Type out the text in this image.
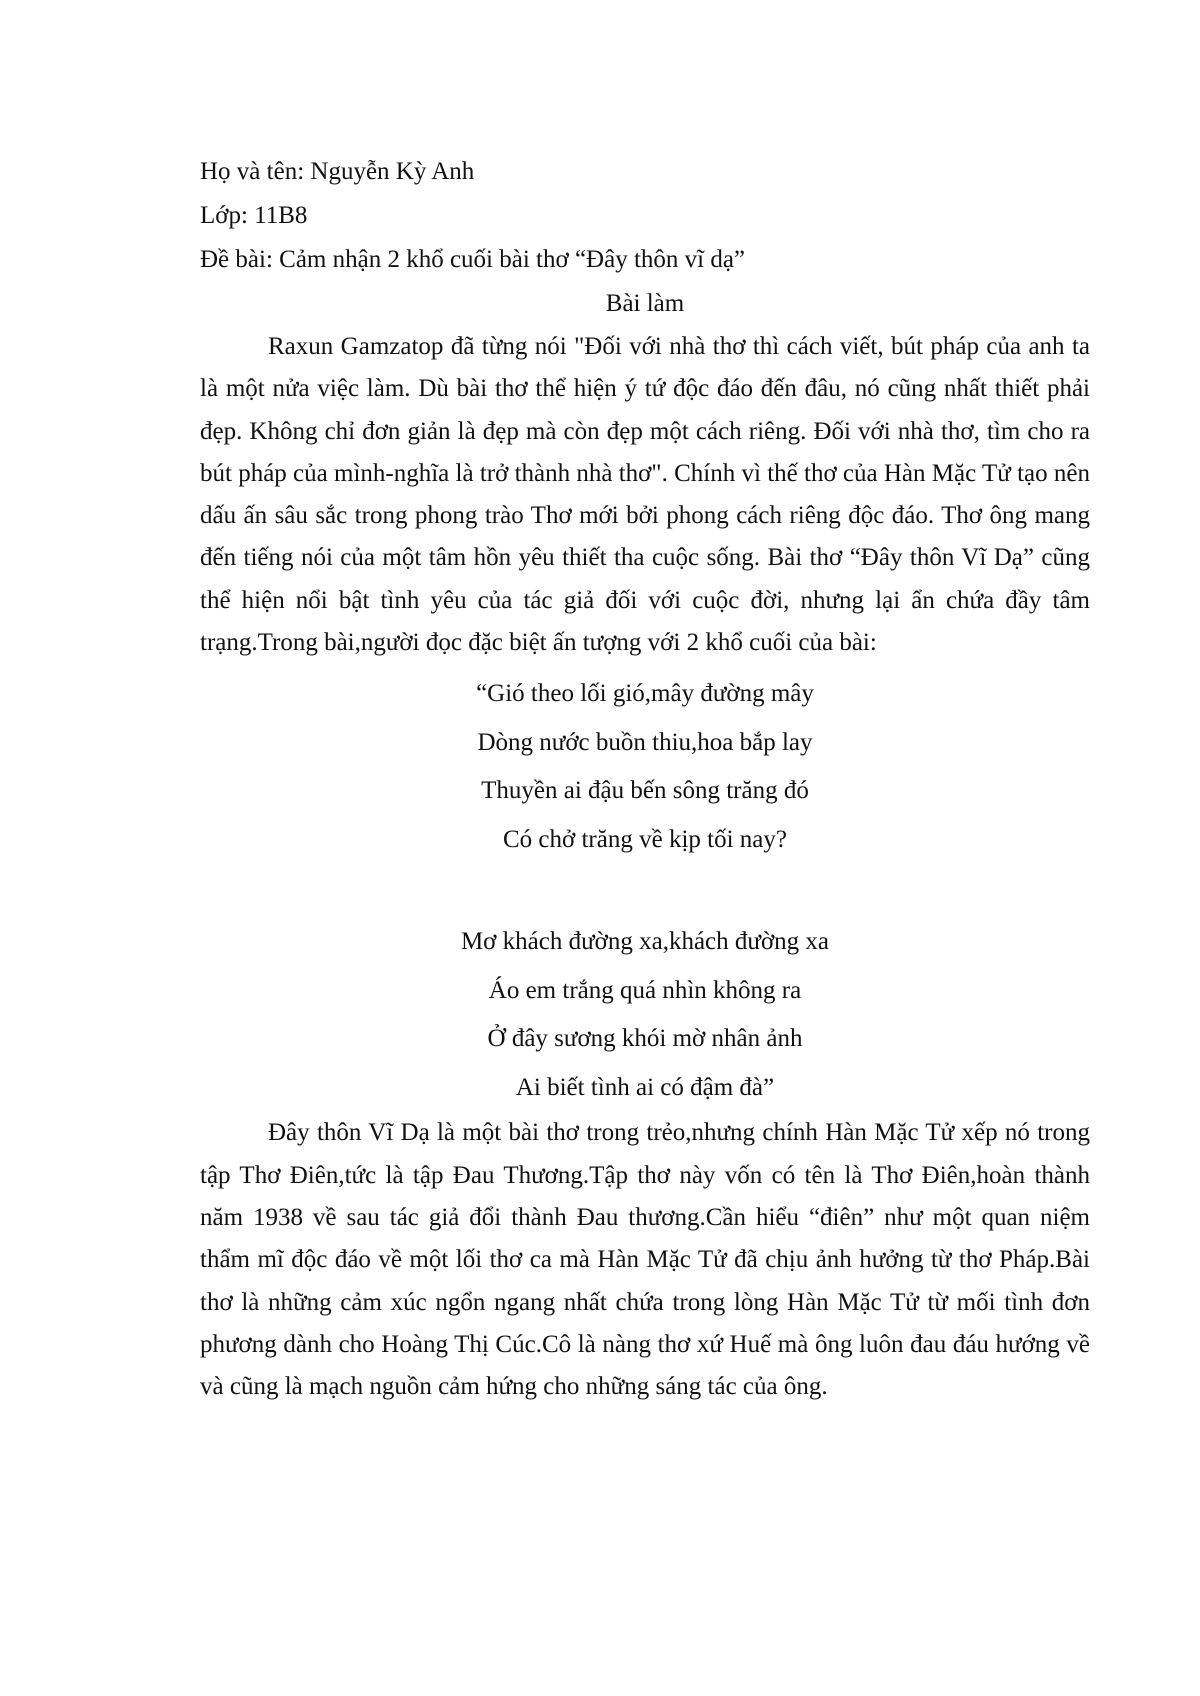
Họ và tên: Nguyễn Kỳ Anh

Lớp: 11B8

Đề bài: Cảm nhận 2 khổ cuối bài thơ “Đây thôn vĩ dạ”

Bài làm

Raxun Gamzatop đã từng nói "Đối với nhà thơ thì cách viết, bút pháp của anh ta là một nửa việc làm. Dù bài thơ thể hiện ý tứ độc đáo đến đâu, nó cũng nhất thiết phải đẹp. Không chỉ đơn giản là đẹp mà còn đẹp một cách riêng. Đối với nhà thơ, tìm cho ra bút pháp của mình-nghĩa là trở thành nhà thơ". Chính vì thế thơ của Hàn Mặc Tử tạo nên dấu ấn sâu sắc trong phong trào Thơ mới bởi phong cách riêng độc đáo. Thơ ông mang đến tiếng nói của một tâm hồn yêu thiết tha cuộc sống. Bài thơ “Đây thôn Vĩ Dạ” cũng thể hiện nổi bật tình yêu của tác giả đối với cuộc đời, nhưng lại ẩn chứa đầy tâm trạng.Trong bài,người đọc đặc biệt ấn tượng với 2 khổ cuối của bài:

“Gió theo lối gió,mây đường mây
Dòng nước buồn thiu,hoa bắp lay
Thuyền ai đậu bến sông trăng đó
Có chở trăng về kịp tối nay?
Mơ khách đường xa,khách đường xa
Áo em trắng quá nhìn không ra
Ở đây sương khói mờ nhân ảnh
Ai biết tình ai có đậm đà”

Đây thôn Vĩ Dạ là một bài thơ trong trẻo,nhưng chính Hàn Mặc Tử xếp nó trong tập Thơ Điên,tức là tập Đau Thương.Tập thơ này vốn có tên là Thơ Điên,hoàn thành năm 1938 về sau tác giả đổi thành Đau thương.Cần hiểu “điên” như một quan niệm thẩm mĩ độc đáo về một lối thơ ca mà Hàn Mặc Tử đã chịu ảnh hưởng từ thơ Pháp.Bài thơ là những cảm xúc ngổn ngang nhất chứa trong lòng Hàn Mặc Tử từ mối tình đơn phương dành cho Hoàng Thị Cúc.Cô là nàng thơ xứ Huế mà ông luôn đau đáu hướng về và cũng là mạch nguồn cảm hứng cho những sáng tác của ông.
